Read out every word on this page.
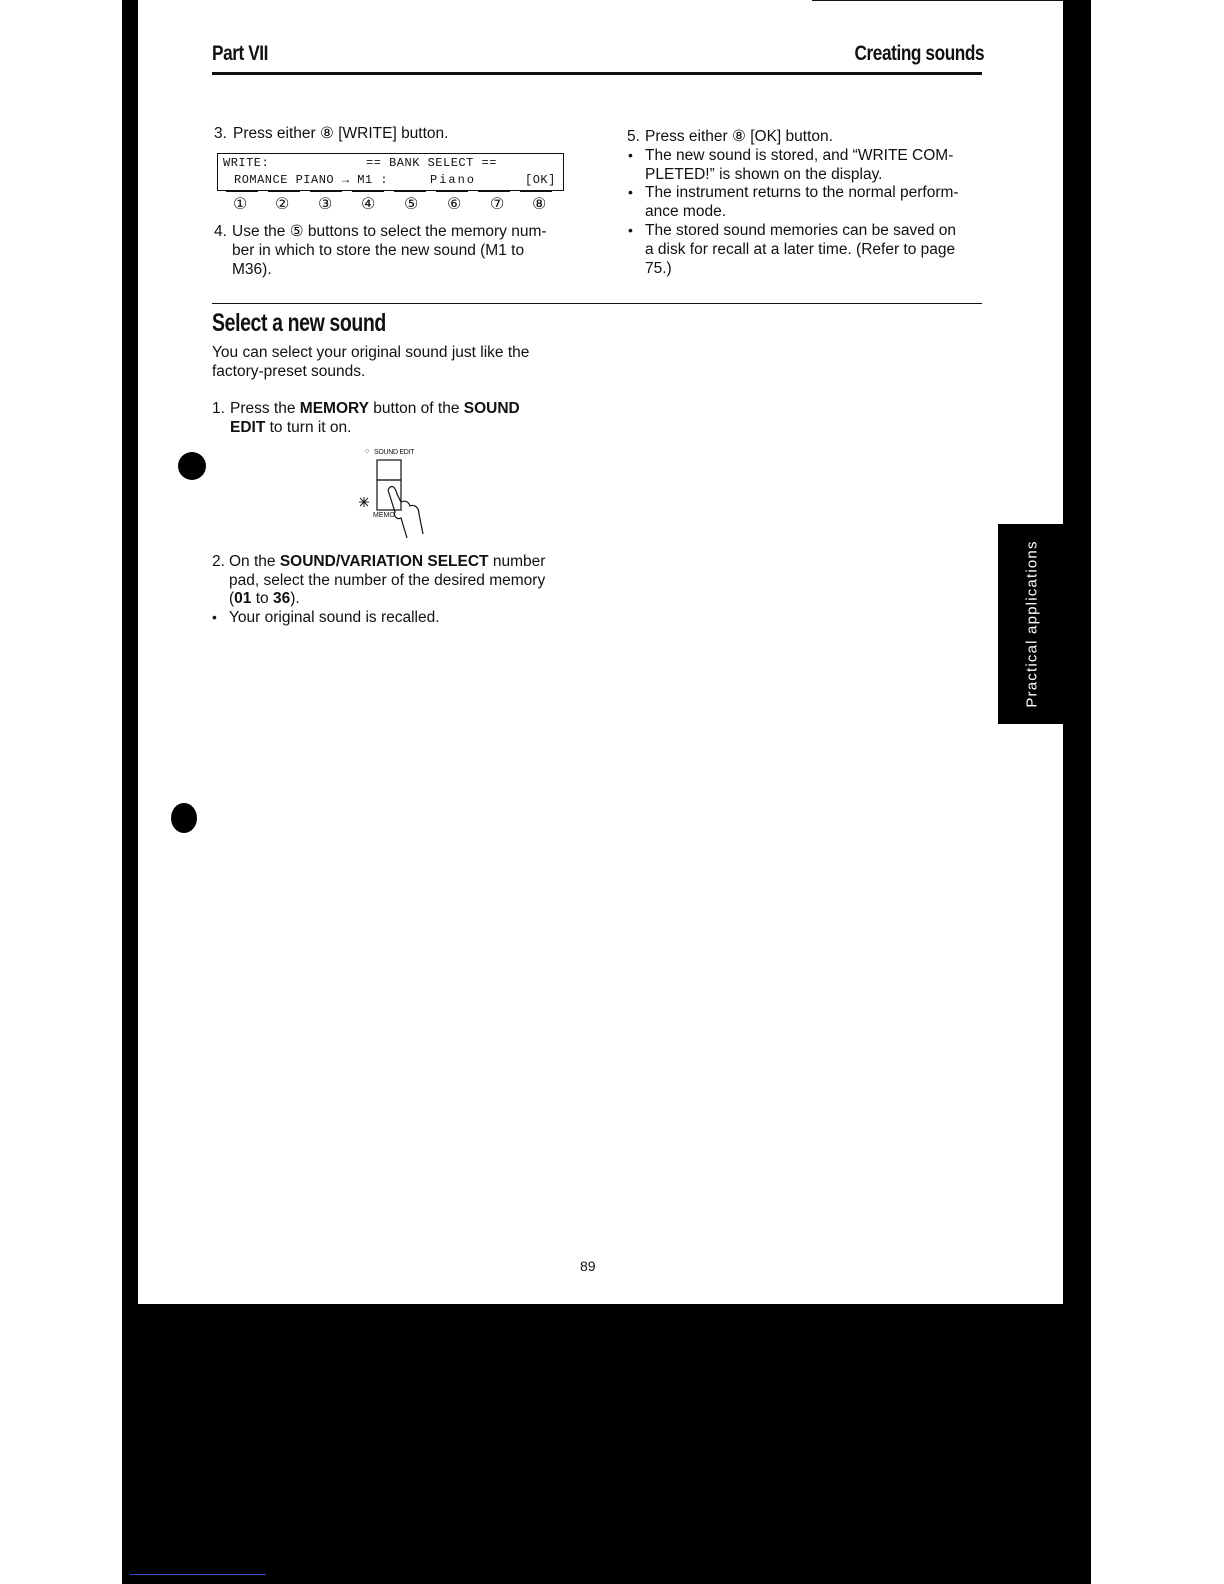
Part VII	Creating sounds
3. Press either ⑧ [WRITE] button.
WRITE:	== BANK SELECT ==
ROMANCE PIANO → M1 :	Piano	[OK]
① ② ③ ④ ⑤ ⑥ ⑦ ⑧
4. Use the ⑤ buttons to select the memory num-
ber in which to store the new sound (M1 to
M36).
5. Press either ⑧ [OK] button.
• The new sound is stored, and “WRITE COM-
PLETED!” is shown on the display.
• The instrument returns to the normal perform-
ance mode.
• The stored sound memories can be saved on
a disk for recall at a later time. (Refer to page
75.)
Select a new sound
You can select your original sound just like the
factory-preset sounds.
1. Press the MEMORY button of the SOUND
EDIT to turn it on.
○ SOUND EDIT
MEMO
2. On the SOUND/VARIATION SELECT number
pad, select the number of the desired memory
(01 to 36).
• Your original sound is recalled.	Practical applications
89
